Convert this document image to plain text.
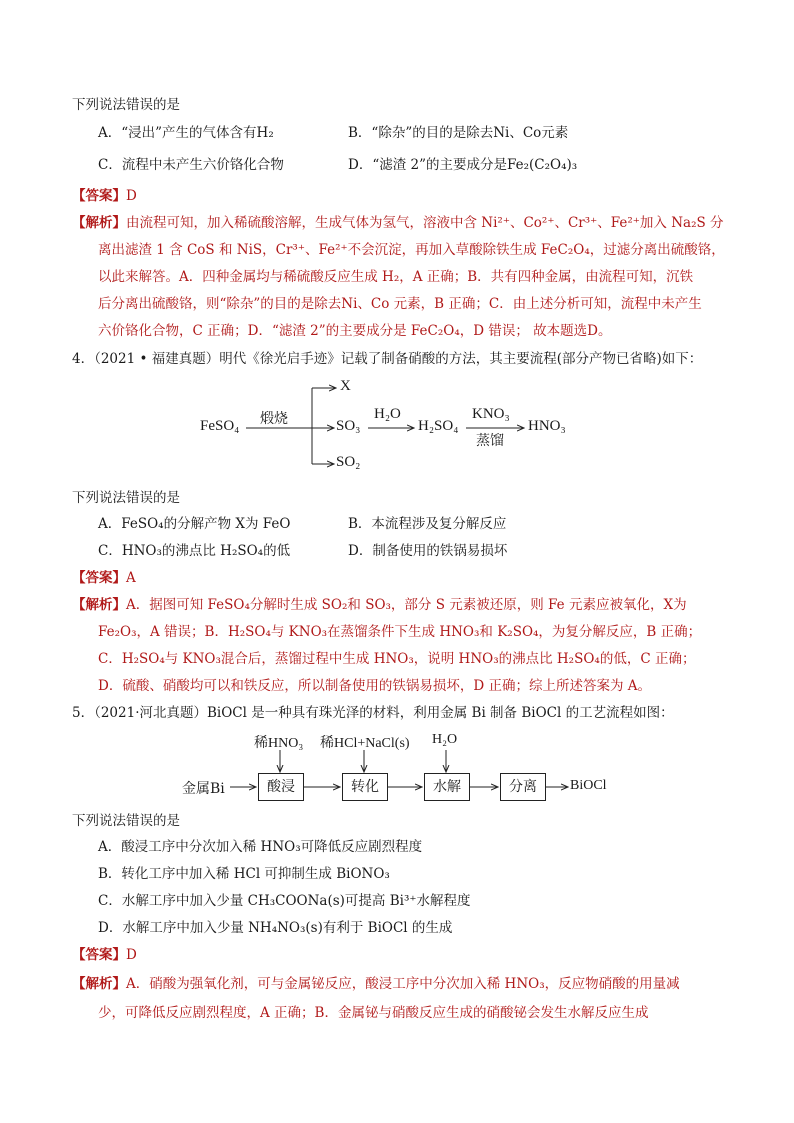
下列说法错误的是
A．“浸出”产生的气体含有H₂	B．“除杂”的目的是除去Ni、Co元素
C．流程中未产生六价铬化合物	D．“滤渣 2”的主要成分是Fe₂(C₂O₄)₃
【答案】D
【解析】由流程可知，加入稀硫酸溶解，生成气体为氢气，溶液中含 Ni²⁺、Co²⁺、Cr³⁺、Fe²⁺加入 Na₂S 分
离出滤渣 1 含 CoS 和 NiS，Cr³⁺、Fe²⁺不会沉淀，再加入草酸除铁生成 FeC₂O₄，过滤分离出硫酸铬，
以此来解答。A．四种金属均与稀硫酸反应生成 H₂，A 正确；B．共有四种金属，由流程可知，沉铁
后分离出硫酸铬，则“除杂”的目的是除去Ni、Co 元素，B 正确；C．由上述分析可知，流程中未产生
六价铬化合物，C 正确；D．“滤渣 2”的主要成分是 FeC₂O₄，D 错误； 故本题选D。
4．（2021 • 福建真题）明代《徐光启手迹》记载了制备硝酸的方法，其主要流程(部分产物已省略)如下：
FeSO₄ 煅烧
X
SO₃
SO₂
H₂O
H₂SO₄
KNO₃
蒸馏
HNO₃
下列说法错误的是
A．FeSO₄的分解产物 X为 FeO	B．本流程涉及复分解反应
C．HNO₃的沸点比 H₂SO₄的低	D．制备使用的铁锅易损坏
【答案】A
【解析】A．据图可知 FeSO₄分解时生成 SO₂和 SO₃，部分 S 元素被还原，则 Fe 元素应被氧化，X为
Fe₂O₃，A 错误；B．H₂SO₄与 KNO₃在蒸馏条件下生成 HNO₃和 K₂SO₄，为复分解反应，B 正确；
C．H₂SO₄与 KNO₃混合后，蒸馏过程中生成 HNO₃，说明 HNO₃的沸点比 H₂SO₄的低，C 正确；
D．硫酸、硝酸均可以和铁反应，所以制备使用的铁锅易损坏，D 正确；综上所述答案为 A。
5．（2021·河北真题）BiOCl 是一种具有珠光泽的材料，利用金属 Bi 制备 BiOCl 的工艺流程如图：
稀HNO₃ 稀HCl+NaCl(s) H₂O
金属Bi	酸浸	转化	水解	分离	BiOCl
下列说法错误的是
A．酸浸工序中分次加入稀 HNO₃可降低反应剧烈程度
B．转化工序中加入稀 HCl 可抑制生成 BiONO₃
C．水解工序中加入少量 CH₃COONa(s)可提高 Bi³⁺水解程度
D．水解工序中加入少量 NH₄NO₃(s)有利于 BiOCl 的生成
【答案】D
【解析】A．硝酸为强氧化剂，可与金属铋反应，酸浸工序中分次加入稀 HNO₃，反应物硝酸的用量减
少，可降低反应剧烈程度，A 正确；B．金属铋与硝酸反应生成的硝酸铋会发生水解反应生成
